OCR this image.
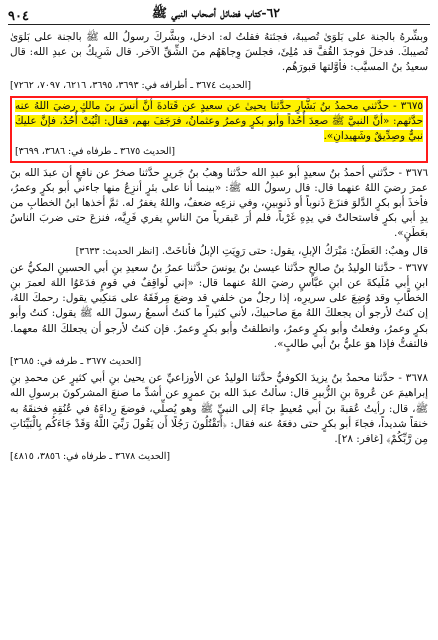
٦٢-كتاب فضائل أصحاب النبي ﷺ
٩٠٤

وبشِّرهُ بالجنة على بَلوَىٰ تُصيبهُ، فجئتهُ فقلتُ له: ادخل، وبشَّركَ رسولُ الله ﷺ بالجنة على بَلوَىٰ تُصيبكَ. فدخلَ فوجدَ القُفَّ قد مُلِئَ، فجلسَ وِجاهَهُم منَ الشِّقِّ الآخر. قال شَرِيكُ بن عبدِ الله: قال سعيدُ بنُ المسيَّب: فأوَّلتها قبورَهُم.

[الحديث ٣٦٧٤ ـ أطرافه في: ٣٦٩٣، ٣٦٩٥، ٦٢١٦، ٧٠٩٧، ٧٢٦٢]

٣٦٧٥ - حدَّثني محمدُ بنُ بَشَّارٍ حدَّثنا يحيىٰ عن سعيدٍ عن قَتادةَ أنَّ أنسَ بنَ مالكٍ رضيَ اللهُ عنه حدَّثهم: «أنَّ النبيَّ ﷺ صعِدَ أُحُداً وأبو بكرٍ وعمرُ وعثمانُ، فرَجَفَ بهم، فقال: اثْبُتْ أُحُدُ، فإنَّ عليكَ نبيٌّ وصِدِّيقٌ وشَهيدانِ».

[الحديث ٣٦٧٥ ـ طرفاه في: ٣٦٨٦، ٣٦٩٩]

٣٦٧٦ - حدَّثني أحمدُ بنُ سعيدٍ أبو عبدِ الله حدَّثنا وهبُ بنُ جَريرٍ حدَّثنا صخرٌ عن نافعٍ أن عبدَ الله بنَ عمرَ رضيَ اللهُ عنهما قال: قال رسولُ الله ﷺ: «بينما أنا على بئرٍ أنزِعُ منها جاءني أبو بكرٍ وعمرُ، فأخذَ أبو بكرٍ الدَّلوَ فنزَعَ ذَنوباً أو ذَنوبينِ، وفي نزعِه ضعفٌ، واللهُ يغفرُ له. ثمَّ أخذها ابنُ الخطابِ من يدِ أبي بكرٍ فاستحالتْ في يدِهِ غَرْباً، فلم أرَ عَبقرياً منَ الناسِ يفري فَرِيَّه، فنزعَ حتى ضربَ الناسُ بعَطَنٍ».

قال وهبٌ: العَطَنُ: مَبْرَكُ الإبلِ، يقول: حتى رَوِيَتِ الإبلُ فأناخَتْ. [انظر الحديث: ٣٦٣٣]

٣٦٧٧ - حدَّثنا الوليدُ بنُ صالحٍ حدَّثنا عيسىٰ بنُ يونسَ حدَّثنا عمرُ بنُ سعيدِ بنِ أبي الحسينِ المكيُّ عن ابنِ أبي مُلَيكةَ عن ابنِ عبَّاسٍ رضيَ اللهُ عنهما قال: «إني لَواقِفٌ في قومٍ فدَعَوُا اللهَ لعمرَ بنِ الخطَّابِ وقد وُضِعَ على سريرِه، إذا رجلٌ من خلفي قد وضعَ مِرفَقَهُ على مَنكِبي يقول: رحمكَ اللهُ، إن كنتُ لأرجو أن يجعلكَ اللهُ معَ صاحبيكَ، لأني كثيراً ما كنتُ أسمعُ رسولَ الله ﷺ يقول: كنتُ وأبو بكرٍ وعمرُ، وفعلتُ وأبو بكرٍ وعمرُ، وانطلقتُ وأبو بكرٍ وعمرُ. فإن كنتُ لأرجو أن يجعلكَ اللهُ معهما. فالتفتُّ فإذا هوَ عليُّ بنُ أبي طالبٍ».

[الحديث ٣٦٧٧ ـ طرفه في: ٣٦٨٥]

٣٦٧٨ - حدَّثنا محمدُ بنُ يزيدَ الكوفيُّ حدَّثنا الوليدُ عن الأوزاعيِّ عن يحيىٰ بنِ أبي كثيرٍ عن محمدِ بنِ إبراهيمَ عن عُروةَ بنِ الزُّبيرِ قال: سألتُ عبدَ الله بنَ عمرٍو عن أشدِّ ما صنعَ المشركونَ برسولِ الله ﷺ، قال: رأيتُ عُقبةَ بنَ أبي مُعيطٍ جاءَ إلى النبيِّ ﷺ وهو يُصلِّي، فوضعَ رِداءَهُ في عُنُقِهِ فخنقَهُ به خنقاً شديداً، فجاءَ أبو بكرٍ حتى دفعَهُ عنه فقال: ﴿أَتَقْتُلُونَ رَجُلًا أَن يَقُولَ رَبِّيَ اللَّهُ وَقَدْ جَاءَكُم بِالْبَيِّنَاتِ مِن رَّبِّكُمْ﴾ [غافر: ٢٨].

[الحديث ٣٦٧٨ ـ طرفاه في: ٣٨٥٦، ٤٨١٥]
